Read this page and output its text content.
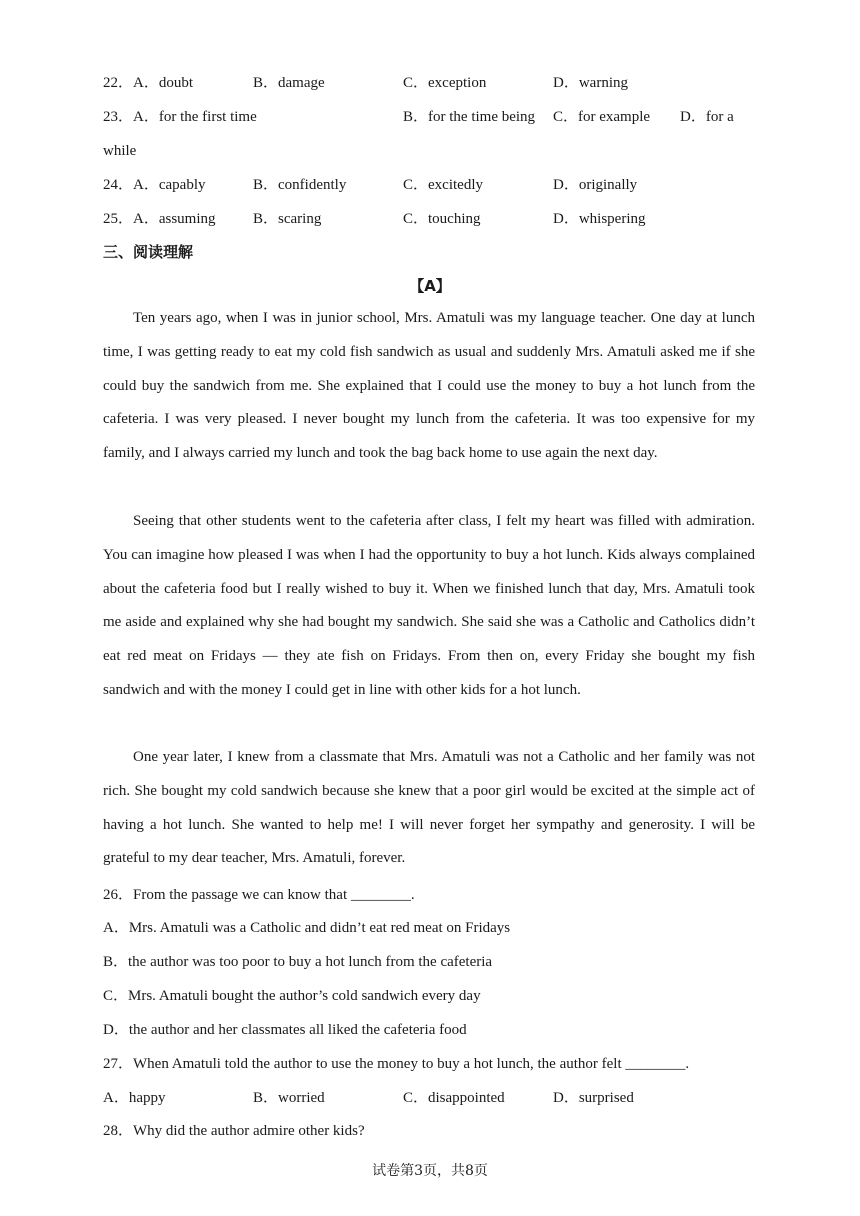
22．A．doubt	B．damage	C．exception	D．warning
23．A．for the first time	B．for the time being C．for example D．for a
while
24．A．capably	B．confidently	C．excitedly	D．originally
25．A．assuming B．scaring	C．touching	D．whispering
三、阅读理解
【A】

Ten years ago, when I was in junior school, Mrs. Amatuli was my language teacher. One day at lunch time, I was getting ready to eat my cold fish sandwich as usual and suddenly Mrs. Amatuli asked me if she could buy the sandwich from me. She explained that I could use the money to buy a hot lunch from the cafeteria. I was very pleased. I never bought my lunch from the cafeteria. It was too expensive for my family, and I always carried my lunch and took the bag back home to use again the next day.

Seeing that other students went to the cafeteria after class, I felt my heart was filled with admiration. You can imagine how pleased I was when I had the opportunity to buy a hot lunch. Kids always complained about the cafeteria food but I really wished to buy it. When we finished lunch that day, Mrs. Amatuli took me aside and explained why she had bought my sandwich. She said she was a Catholic and Catholics didn’t eat red meat on Fridays — they ate fish on Fridays. From then on, every Friday she bought my fish sandwich and with the money I could get in line with other kids for a hot lunch.

One year later, I knew from a classmate that Mrs. Amatuli was not a Catholic and her family was not rich. She bought my cold sandwich because she knew that a poor girl would be excited at the simple act of having a hot lunch. She wanted to help me! I will never forget her sympathy and generosity. I will be grateful to my dear teacher, Mrs. Amatuli, forever.

26．From the passage we can know that ________.
A．Mrs. Amatuli was a Catholic and didn’t eat red meat on Fridays
B．the author was too poor to buy a hot lunch from the cafeteria
C．Mrs. Amatuli bought the author’s cold sandwich every day
D．the author and her classmates all liked the cafeteria food
27．When Amatuli told the author to use the money to buy a hot lunch, the author felt ________.
A．happy	B．worried	C．disappointed	D．surprised
28．Why did the author admire other kids?
试卷第3页，共8页
